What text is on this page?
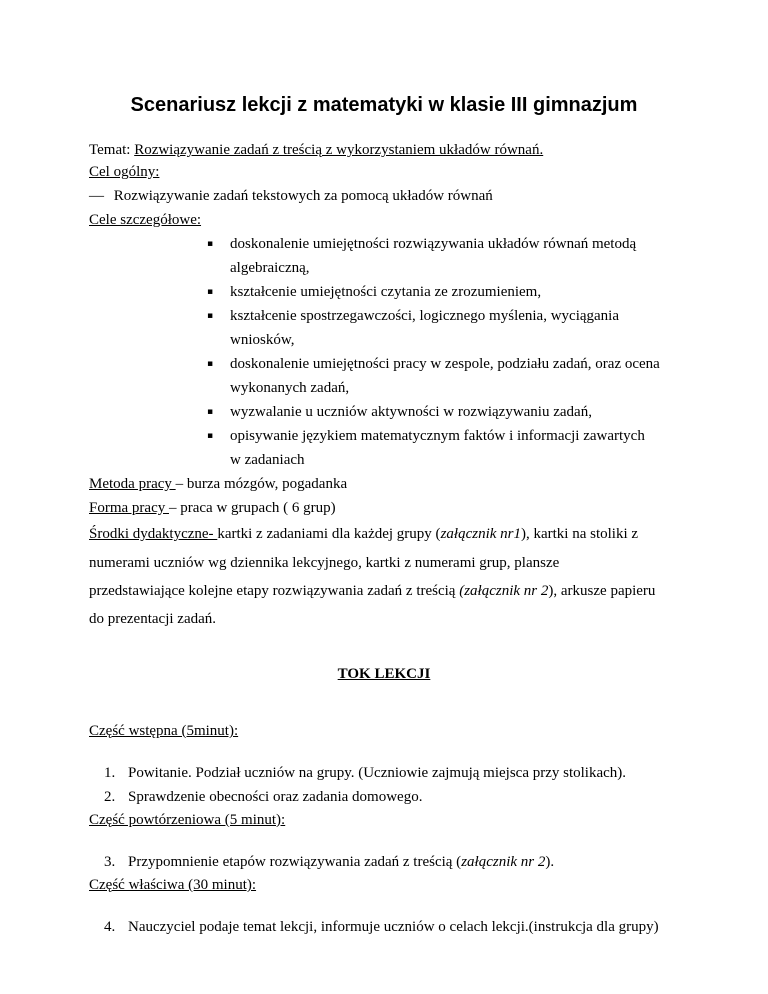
Scenariusz lekcji z matematyki w klasie III gimnazjum
Temat: Rozwiązywanie zadań z treścią z wykorzystaniem układów równań.
Cel ogólny:
— Rozwiązywanie zadań tekstowych za pomocą układów równań
Cele szczegółowe:
▪ doskonalenie umiejętności rozwiązywania układów równań metodą
algebraiczną,
▪ kształcenie umiejętności czytania ze zrozumieniem,
▪ kształcenie spostrzegawczości, logicznego myślenia, wyciągania
wniosków,
▪ doskonalenie umiejętności pracy w zespole, podziału zadań, oraz ocena
wykonanych zadań,
▪ wyzwalanie u uczniów aktywności w rozwiązywaniu zadań,
▪ opisywanie językiem matematycznym faktów i informacji zawartych
w zadaniach
Metoda pracy – burza mózgów, pogadanka
Forma pracy – praca w grupach ( 6 grup)
Środki dydaktyczne- kartki z zadaniami dla każdej grupy (załącznik nr1), kartki na stoliki z
numerami uczniów wg dziennika lekcyjnego, kartki z numerami grup, plansze
przedstawiające kolejne etapy rozwiązywania zadań z treścią (załącznik nr 2), arkusze papieru
do prezentacji zadań.
TOK LEKCJI
Część wstępna (5minut):
1. Powitanie. Podział uczniów na grupy. (Uczniowie zajmują miejsca przy stolikach).
2. Sprawdzenie obecności oraz zadania domowego.
Część powtórzeniowa (5 minut):
3. Przypomnienie etapów rozwiązywania zadań z treścią (załącznik nr 2).
Część właściwa (30 minut):
4. Nauczyciel podaje temat lekcji, informuje uczniów o celach lekcji.(instrukcja dla grupy)
